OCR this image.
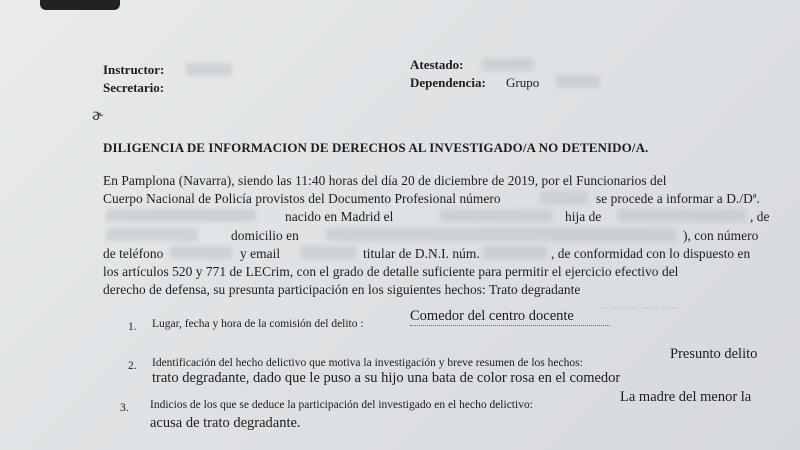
Instructor:
Secretario:
Atestado:
Dependencia: Grupo
ɚ
DILIGENCIA DE INFORMACION DE DERECHOS AL INVESTIGADO/A NO DETENIDO/A.
En Pamplona (Navarra), siendo las 11:40 horas del día 20 de diciembre de 2019, por el Funcionarios del
Cuerpo Nacional de Policía provistos del Documento Profesional número	se procede a informar a D./Dª.
nacido en Madrid el	hija de	, de
domicilio en	), con número
de teléfono	y email	titular de D.N.I. núm.	, de conformidad con lo dispuesto en
los artículos 520 y 771 de LECrim, con el grado de detalle suficiente para permitir el ejercicio efectivo del
derecho de defensa, su presunta participación en los siguientes hechos: Trato degradante
~ ~ ~ ~ ~ ~ ~ ~
1. Lugar, fecha y hora de la comisión del delito :	Comedor del centro docente
2. Identificación del hecho delictivo que motiva la investigación y breve resumen de los hechos:
Presunto delito
trato degradante, dado que le puso a su hijo una bata de color rosa en el comedor
3. Indicios de los que se deduce la participación del investigado en el hecho delictivo:	La madre del menor la
acusa de trato degradante.
